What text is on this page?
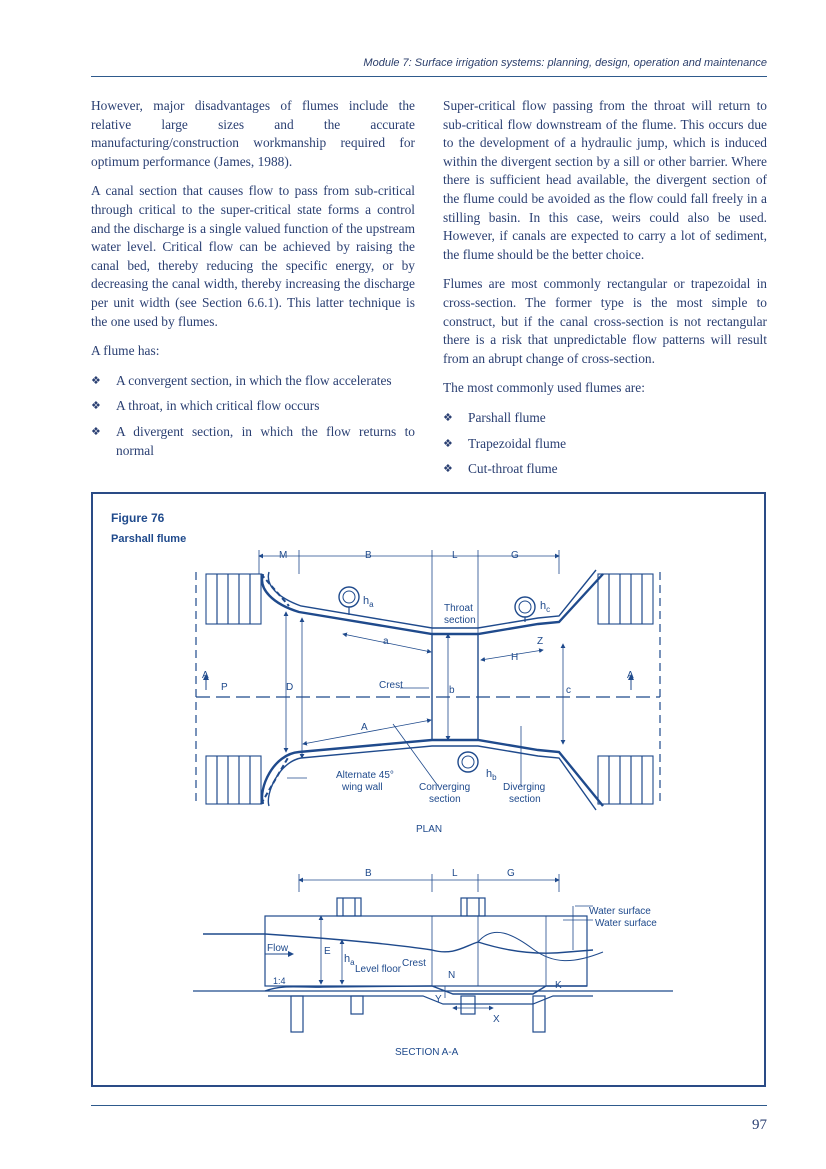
Module 7: Surface irrigation systems: planning, design, operation and maintenance

However, major disadvantages of flumes include the relative large sizes and the accurate manufacturing/construction workmanship required for optimum performance (James, 1988).

A canal section that causes flow to pass from sub-critical through critical to the super-critical state forms a control and the discharge is a single valued function of the upstream water level. Critical flow can be achieved by raising the canal bed, thereby reducing the specific energy, or by decreasing the canal width, thereby increasing the discharge per unit width (see Section 6.6.1). This latter technique is the one used by flumes.

A flume has:

❖ A convergent section, in which the flow accelerates
❖ A throat, in which critical flow occurs
❖ A divergent section, in which the flow returns to normal

Super-critical flow passing from the throat will return to sub-critical flow downstream of the flume. This occurs due to the development of a hydraulic jump, which is induced within the divergent section by a sill or other barrier. Where there is sufficient head available, the divergent section of the flume could be avoided as the flow could fall freely in a stilling basin. In this case, weirs could also be used. However, if canals are expected to carry a lot of sediment, the flume should be the better choice.

Flumes are most commonly rectangular or trapezoidal in cross-section. The former type is the most simple to construct, but if the canal cross-section is not rectangular there is a risk that unpredictable flow patterns will result from an abrupt change of cross-section.

The most commonly used flumes are:

❖ Parshall flume
❖ Trapezoidal flume
❖ Cut-throat flume
Figure 76
Parshall flume
M	B	L	G
$h_a$	$h_c$
$h_b$
Throat
section
a	Z
H
Crest
A	A
P	D	b	c
A
Alternate 45°
wing wall	Converging
section
Diverging
section
PLAN
B	L	G
Water surface
Water surface
Flow	E
$h_a$
Level floor
Crest
N
K
Y
X
1:4
SECTION A-A
97
